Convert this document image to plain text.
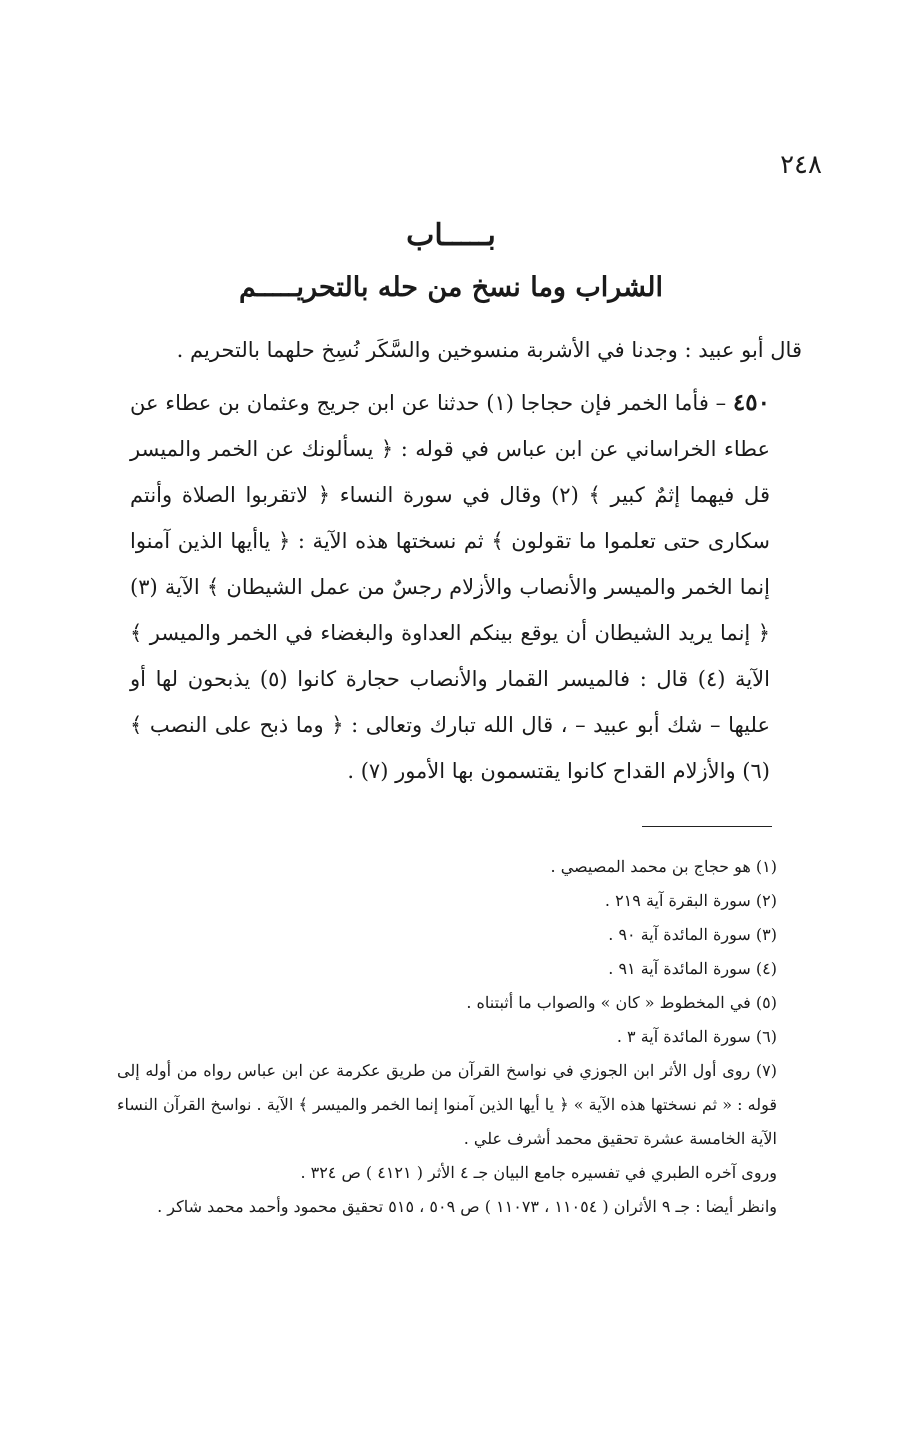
٢٤٨
بـــــاب
الشراب وما نسخ من حله بالتحريـــــم
قال أبو عبيد : وجدنا في الأشربة منسوخين والسَّكَر نُسِخ حلهما بالتحريم .
٤٥٠ – فأما الخمر فإن حجاجا (١) حدثنا عن ابن جريج وعثمان بن عطاء عن عطاء الخراساني عن ابن عباس في قوله : ﴿ يسألونك عن الخمر والميسر قل فيهما إثمٌ كبير ﴾ (٢) وقال في سورة النساء ﴿ لاتقربوا الصلاة وأنتم سكارى حتى تعلموا ما تقولون ﴾ ثم نسختها هذه الآية : ﴿ ياأيها الذين آمنوا إنما الخمر والميسر والأنصاب والأزلام رجسٌ من عمل الشيطان ﴾ الآية (٣) ﴿ إنما يريد الشيطان أن يوقع بينكم العداوة والبغضاء في الخمر والميسر ﴾ الآية (٤) قال : فالميسر القمار والأنصاب حجارة كانوا (٥) يذبحون لها أو عليها – شك أبو عبيد – ، قال الله تبارك وتعالى : ﴿ وما ذبح على النصب ﴾ (٦) والأزلام القداح كانوا يقتسمون بها الأمور (٧) .

(١) هو حجاج بن محمد المصيصي .

(٢) سورة البقرة آية ٢١٩ .

(٣) سورة المائدة آية ٩٠ .

(٤) سورة المائدة آية ٩١ .

(٥) في المخطوط « كان » والصواب ما أثبتناه .

(٦) سورة المائدة آية ٣ .

(٧) روى أول الأثر ابن الجوزي في نواسخ القرآن من طريق عكرمة عن ابن عباس رواه من أوله إلى قوله : « ثم نسختها هذه الآية » ﴿ يا أيها الذين آمنوا إنما الخمر والميسر ﴾ الآية . نواسخ القرآن النساء الآية الخامسة عشرة تحقيق محمد أشرف علي .

وروى آخره الطبري في تفسيره جامع البيان جـ ٤ الأثر ( ٤١٢١ ) ص ٣٢٤ .

وانظر أيضا : جـ ٩ الأثران ( ١١٠٥٤ ، ١١٠٧٣ ) ص ٥٠٩ ، ٥١٥ تحقيق محمود وأحمد محمد شاكر .
